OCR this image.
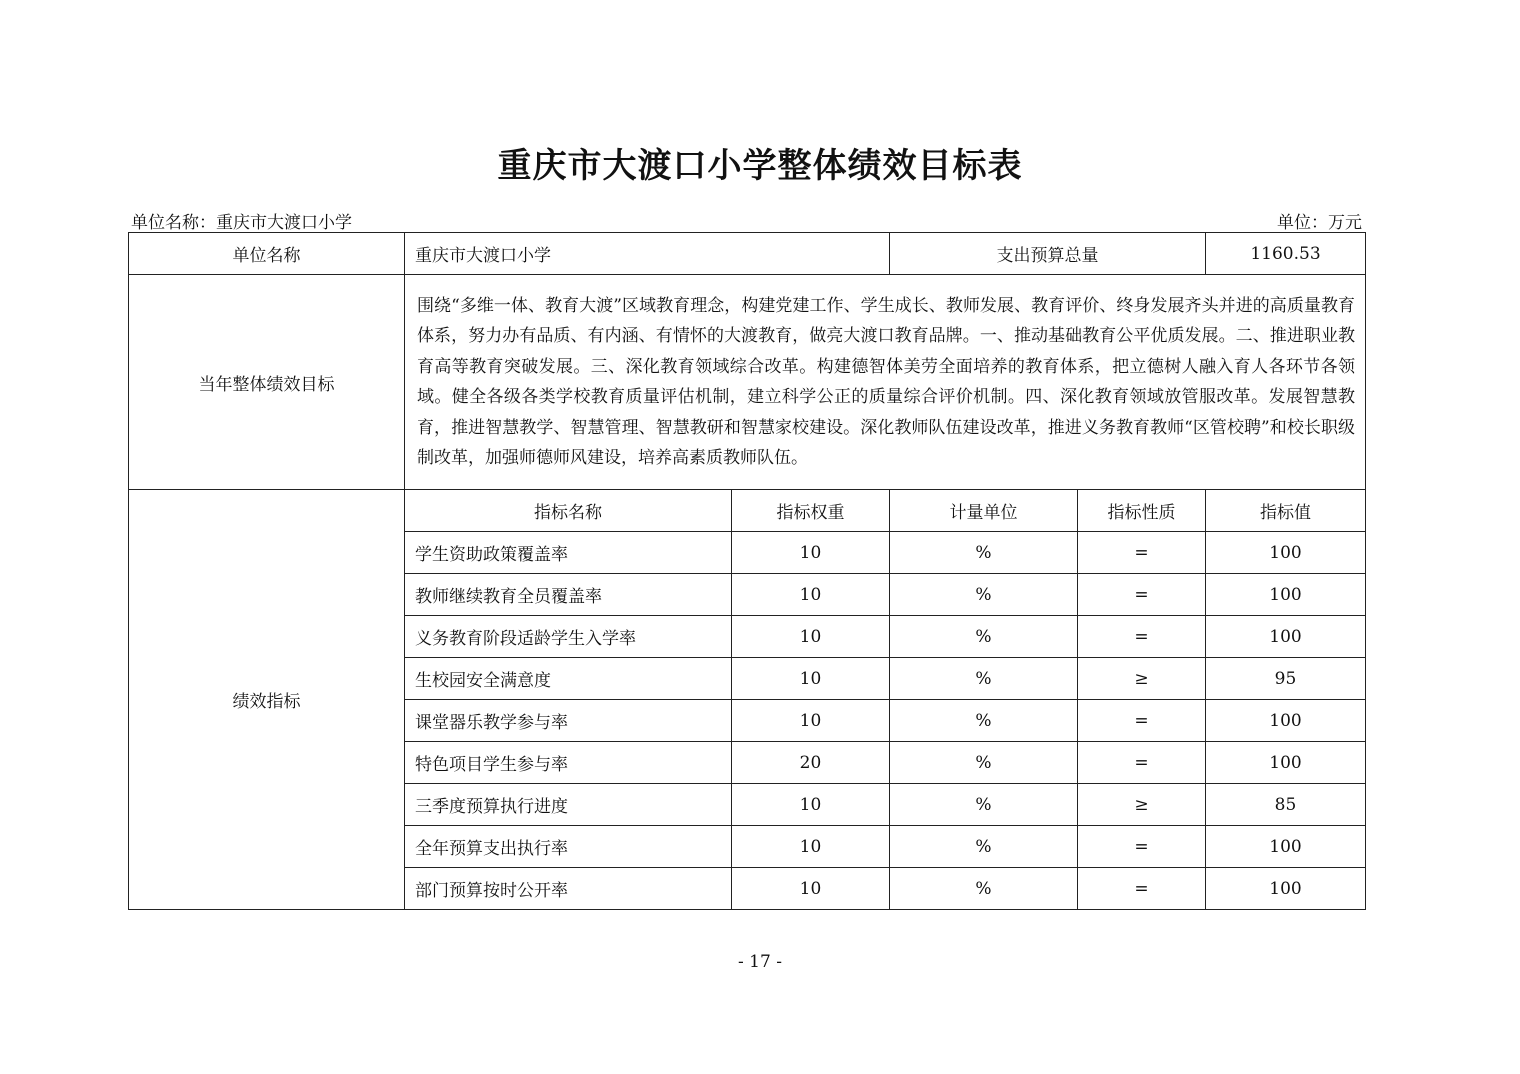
重庆市大渡口小学整体绩效目标表
单位名称：重庆市大渡口小学	单位：万元
单位名称	重庆市大渡口小学		支出预算总量		1160.53
当年整体绩效目标	围绕“多维一体、教育大渡”区域教育理念，构建党建工作、学生成长、教师发展、教育评价、终身发展齐头并进的高质量教育体系，努力办有品质、有内涵、有情怀的大渡教育，做亮大渡口教育品牌。一、推动基础教育公平优质发展。二、推进职业教育高等教育突破发展。三、深化教育领域综合改革。构建德智体美劳全面培养的教育体系，把立德树人融入育人各环节各领域。健全各级各类学校教育质量评估机制，建立科学公正的质量综合评价机制。四、深化教育领域放管服改革。发展智慧教育，推进智慧教学、智慧管理、智慧教研和智慧家校建设。深化教师队伍建设改革，推进义务教育教师“区管校聘”和校长职级制改革，加强师德师风建设，培养高素质教师队伍。				
绩效指标	指标名称	指标权重	计量单位	指标性质	指标值
	学生资助政策覆盖率	10	%	=	100
	教师继续教育全员覆盖率	10	%	=	100
	义务教育阶段适龄学生入学率	10	%	=	100
	生校园安全满意度	10	%	≥	95
	课堂器乐教学参与率	10	%	=	100
	特色项目学生参与率	20	%	=	100
	三季度预算执行进度	10	%	≥	85
	全年预算支出执行率	10	%	=	100
	部门预算按时公开率	10	%	=	100
- 17 -
